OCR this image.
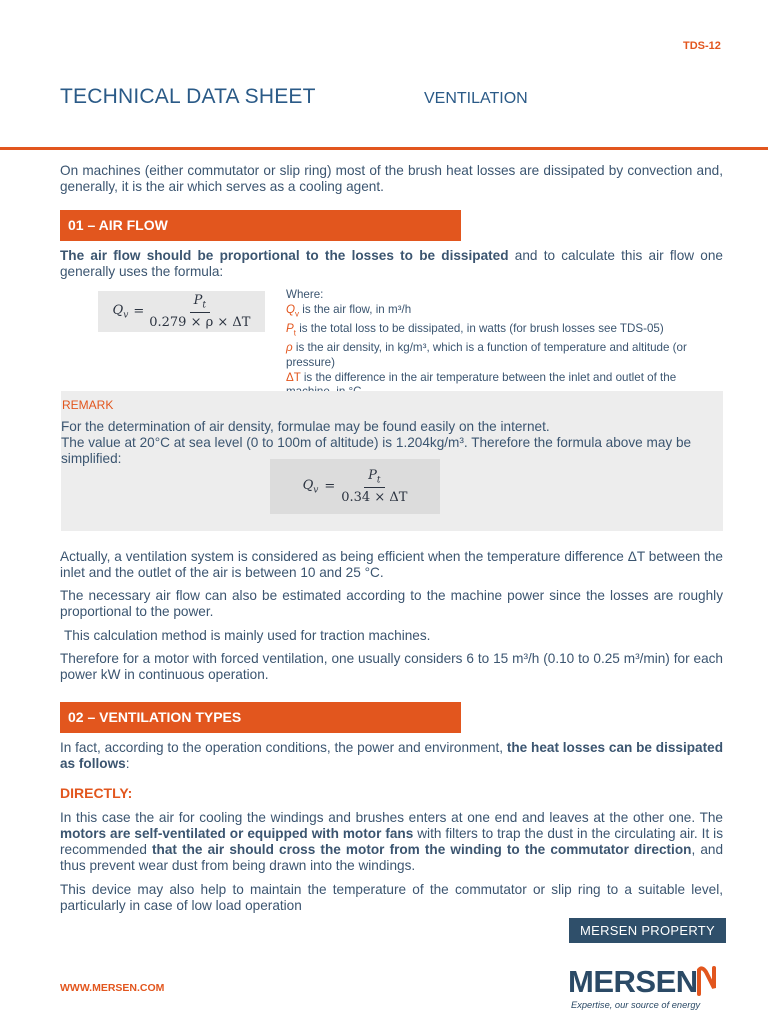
TDS-12
TECHNICAL DATA SHEET	VENTILATION
On machines (either commutator or slip ring) most of the brush heat losses are dissipated by convection and, generally, it is the air which serves as a cooling agent.
01 – AIR FLOW
The air flow should be proportional to the losses to be dissipated and to calculate this air flow one generally uses the formula:
$Q_v = \frac{P_t}{0.279 \times \rho \times \Delta T}$	Where:
$Q_v$ is the air flow, in m³/h
$P_t$ is the total loss to be dissipated, in watts (for brush losses see TDS-05)
ρ is the air density, in kg/m³, which is a function of temperature and altitude (or pressure)
ΔT is the difference in the air temperature between the inlet and outlet of the
REMARK
For the determination of air density, formulae may be found easily on the internet.
The value at 20°C at sea level (0 to 100m of altitude) is 1.204kg/m³. Therefore the formula above may be simplified:
$Q_v = \frac{P_t}{0.34 \times \Delta T}$
Actually, a ventilation system is considered as being efficient when the temperature difference ΔT between the inlet and the outlet of the air is between 10 and 25 °C.
The necessary air flow can also be estimated according to the machine power since the losses are roughly proportional to the power.
This calculation method is mainly used for traction machines.
Therefore for a motor with forced ventilation, one usually considers 6 to 15 m³/h (0.10 to 0.25 m³/min) for each power kW in continuous operation.
02 – VENTILATION TYPES
In fact, according to the operation conditions, the power and environment, the heat losses can be dissipated as follows:
DIRECTLY:
In this case the air for cooling the windings and brushes enters at one end and leaves at the other one. The motors are self-ventilated or equipped with motor fans with filters to trap the dust in the circulating air. It is recommended that the air should cross the motor from the winding to the commutator direction, and thus prevent wear dust from being drawn into the windings.
This device may also help to maintain the temperature of the commutator or slip ring to a suitable level, particularly in case of low load operation
MERSEN PROPERTY
WWW.MERSEN.COM	MERSEN
Expertise, our source of energy
